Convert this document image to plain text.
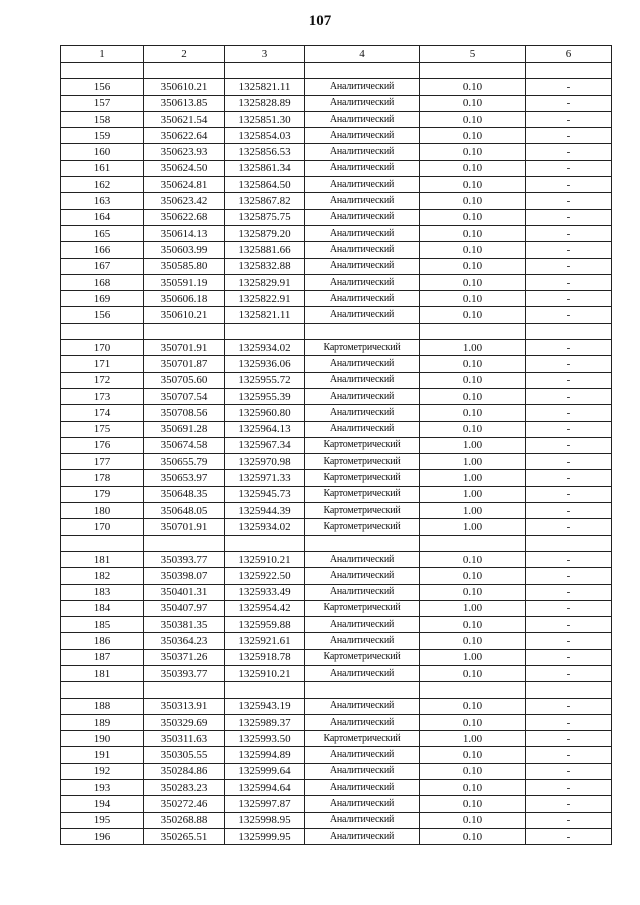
107
1	2	3	4	5	6

156	350610.21	1325821.11	Аналитический	0.10	-
157	350613.85	1325828.89	Аналитический	0.10	-
158	350621.54	1325851.30	Аналитический	0.10	-
159	350622.64	1325854.03	Аналитический	0.10	-
160	350623.93	1325856.53	Аналитический	0.10	-
161	350624.50	1325861.34	Аналитический	0.10	-
162	350624.81	1325864.50	Аналитический	0.10	-
163	350623.42	1325867.82	Аналитический	0.10	-
164	350622.68	1325875.75	Аналитический	0.10	-
165	350614.13	1325879.20	Аналитический	0.10	-
166	350603.99	1325881.66	Аналитический	0.10	-
167	350585.80	1325832.88	Аналитический	0.10	-
168	350591.19	1325829.91	Аналитический	0.10	-
169	350606.18	1325822.91	Аналитический	0.10	-
156	350610.21	1325821.11	Аналитический	0.10	-

170	350701.91	1325934.02	Картометрический	1.00	-
171	350701.87	1325936.06	Аналитический	0.10	-
172	350705.60	1325955.72	Аналитический	0.10	-
173	350707.54	1325955.39	Аналитический	0.10	-
174	350708.56	1325960.80	Аналитический	0.10	-
175	350691.28	1325964.13	Аналитический	0.10	-
176	350674.58	1325967.34	Картометрический	1.00	-
177	350655.79	1325970.98	Картометрический	1.00	-
178	350653.97	1325971.33	Картометрический	1.00	-
179	350648.35	1325945.73	Картометрический	1.00	-
180	350648.05	1325944.39	Картометрический	1.00	-
170	350701.91	1325934.02	Картометрический	1.00	-

181	350393.77	1325910.21	Аналитический	0.10	-
182	350398.07	1325922.50	Аналитический	0.10	-
183	350401.31	1325933.49	Аналитический	0.10	-
184	350407.97	1325954.42	Картометрический	1.00	-
185	350381.35	1325959.88	Аналитический	0.10	-
186	350364.23	1325921.61	Аналитический	0.10	-
187	350371.26	1325918.78	Картометрический	1.00	-
181	350393.77	1325910.21	Аналитический	0.10	-

188	350313.91	1325943.19	Аналитический	0.10	-
189	350329.69	1325989.37	Аналитический	0.10	-
190	350311.63	1325993.50	Картометрический	1.00	-
191	350305.55	1325994.89	Аналитический	0.10	-
192	350284.86	1325999.64	Аналитический	0.10	-
193	350283.23	1325994.64	Аналитический	0.10	-
194	350272.46	1325997.87	Аналитический	0.10	-
195	350268.88	1325998.95	Аналитический	0.10	-
196	350265.51	1325999.95	Аналитический	0.10	-
